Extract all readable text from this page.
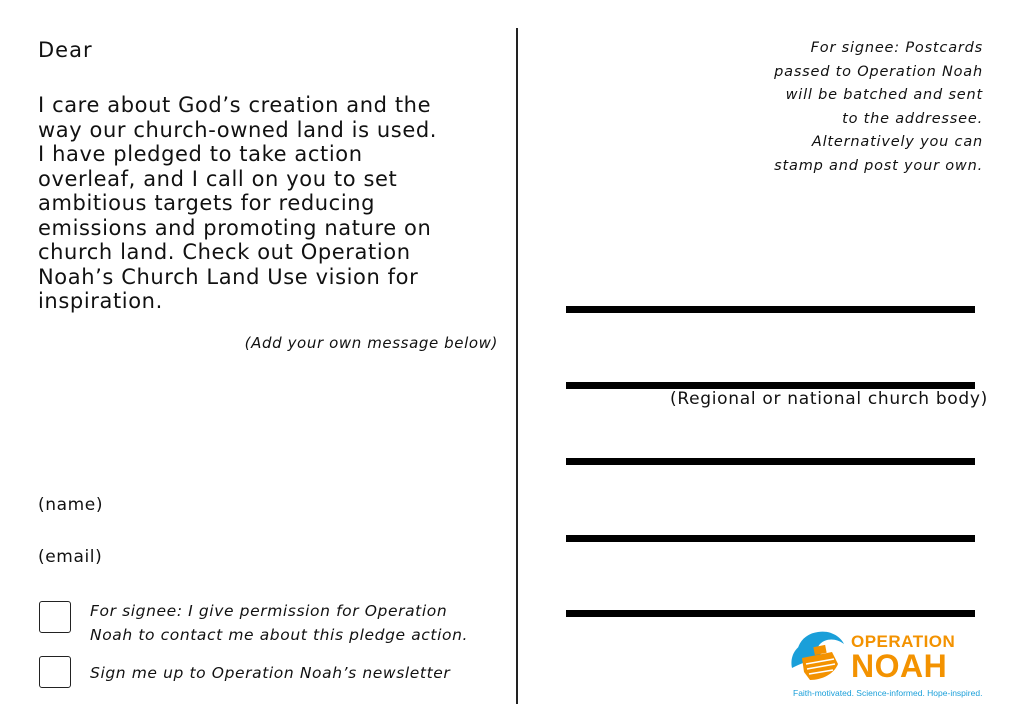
Dear
I care about God’s creation and the
way our church-owned land is used.
I have pledged to take action
overleaf, and I call on you to set
ambitious targets for reducing
emissions and promoting nature on
church land. Check out Operation
Noah’s Church Land Use vision for
inspiration.
(Add your own message below)
(name)
(email)
For signee: I give permission for Operation
Noah to contact me about this pledge action.
Sign me up to Operation Noah’s newsletter
For signee: Postcards
passed to Operation Noah
will be batched and sent
to the addressee.
Alternatively you can
stamp and post your own.
(Regional or national church body)
OPERATION
NOAH
Faith-motivated. Science-informed. Hope-inspired.
